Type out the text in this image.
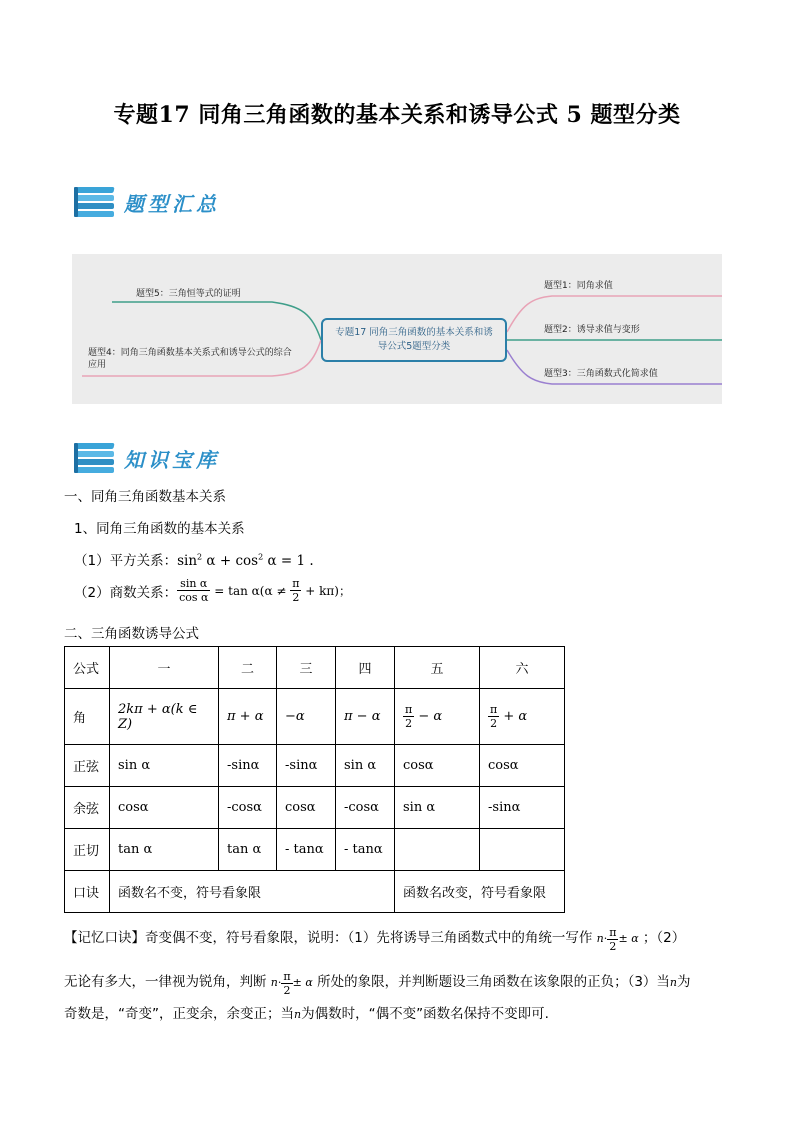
专题17 同角三角函数的基本关系和诱导公式 5 题型分类
题型汇总
题型5：三角恒等式的证明
题型4：同角三角函数基本关系式和诱导公式的综合应用
题型1：同角求值
题型2：诱导求值与变形
题型3：三角函数式化简求值
专题17 同角三角函数的基本关系和诱导公式5题型分类
知识宝库
一、同角三角函数基本关系
1、同角三角函数的基本关系
（1）平方关系：$\sin^2 \alpha + \cos^2 \alpha = 1$ .
（2）商数关系： $\frac{\text{sin α}}{\text{cos α}} = \tan \alpha(\alpha \ne \frac{\pi}{2} + k\pi)$；
二、三角函数诱导公式
公式	一	二	三	四	五	六
角	2kπ + α(k ∈ Z)	π + α	−α	π − α	$\frac{\pi}{2} - \alpha$	$\frac{\pi}{2} + \alpha$
正弦	sin α	-sinα	-sinα	sin α	cosα	cosα
余弦	cosα	-cosα	cosα	-cosα	sin α	-sinα
正切	tan α	tan α	- tanα	- tanα		
口诀	函数名不变，符号看象限				函数名改变，符号看象限	
【记忆口诀】奇变偶不变，符号看象限，说明：（1）先将诱导三角函数式中的角统一写作 $n\cdot \frac{\pi}{2} \pm \alpha$ ；（2）
无论有多大，一律视为锐角，判断 $n\cdot \frac{\pi}{2} \pm \alpha$ 所处的象限，并判断题设三角函数在该象限的正负；（3）当n为
奇数是，“奇变”，正变余，余变正；当n为偶数时，“偶不变”函数名保持不变即可.
